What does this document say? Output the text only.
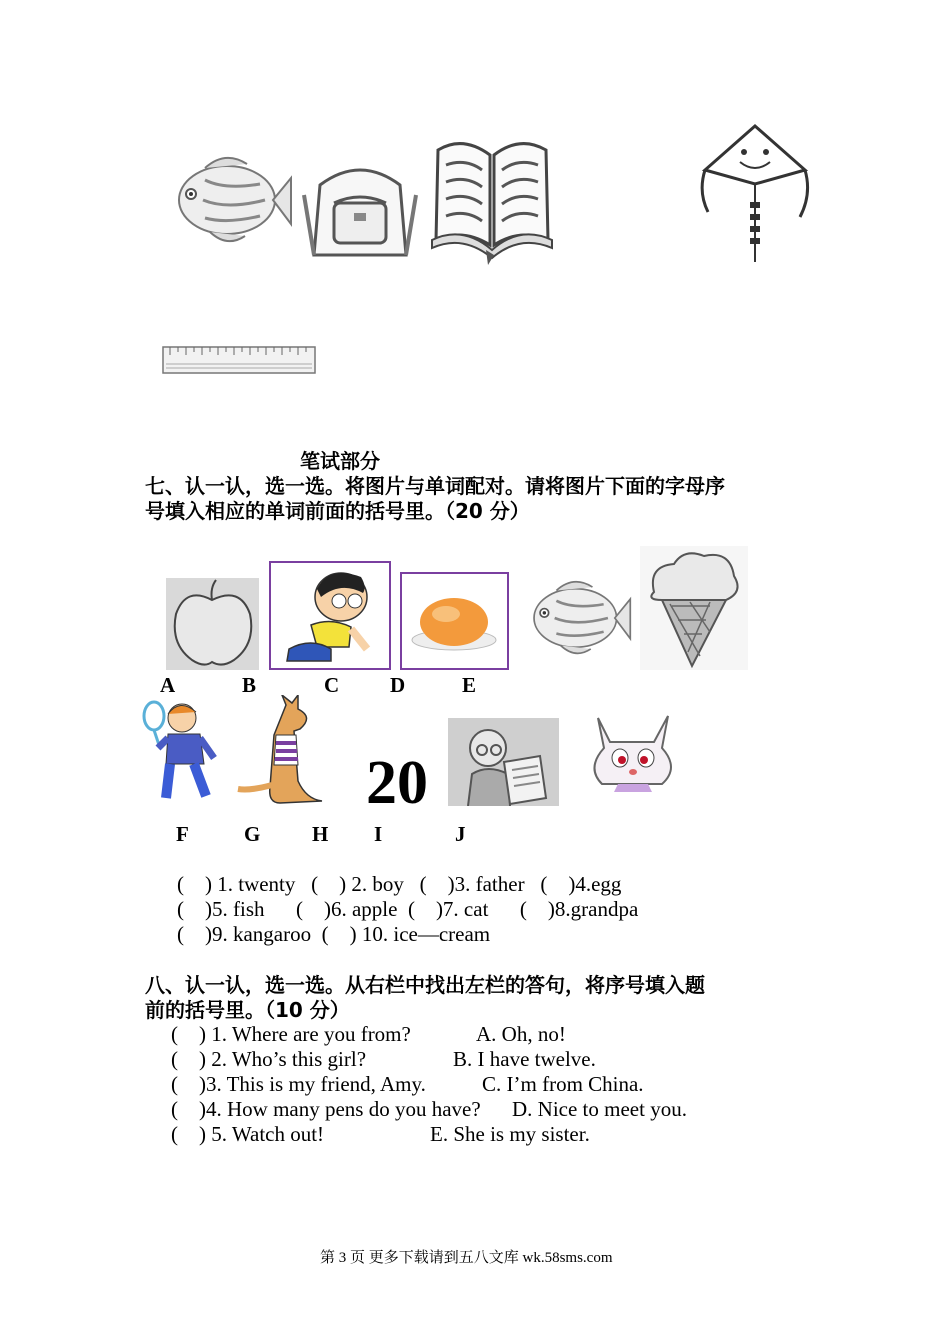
笔试部分
七、认一认，选一选。将图片与单词配对。请将图片下面的字母序
号填入相应的单词前面的括号里。（20 分）
A	B	C D	E
20
F	G H I	J
(    ) 1. twenty   (    ) 2. boy   (    )3. father   (    )4.egg
(    )5. fish      (    )6. apple  (    )7. cat      (    )8.grandpa
(    )9. kangaroo  (    ) 10. ice—cream
八、认一认，选一选。从右栏中找出左栏的答句，将序号填入题
前的括号里。（10 分）
(    ) 1. Where are you from?	A. Oh, no!
(    ) 2. Who’s this girl?	B. I have twelve.
(    )3. This is my friend, Amy.	C. I’m from China.
(    )4. How many pens do you have? D. Nice to meet you.
(    ) 5. Watch out!	E. She is my sister.
第 3 页 更多下载请到五八文库 wk.58sms.com
